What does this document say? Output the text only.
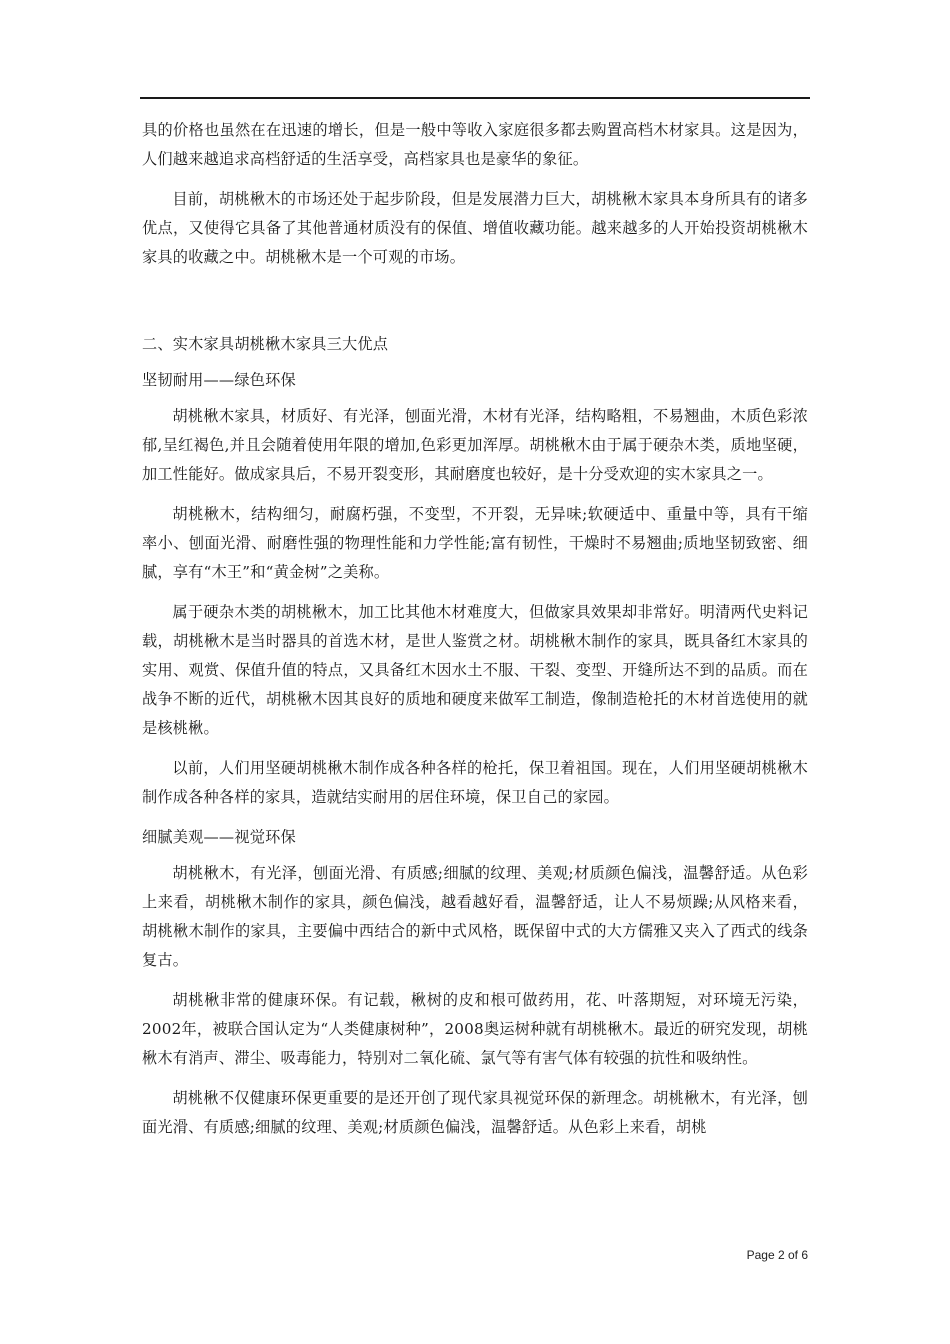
具的价格也虽然在在迅速的增长，但是一般中等收入家庭很多都去购置高档木材家具。这是因为，人们越来越追求高档舒适的生活享受，高档家具也是豪华的象征。

目前，胡桃楸木的市场还处于起步阶段，但是发展潜力巨大，胡桃楸木家具本身所具有的诸多优点，又使得它具备了其他普通材质没有的保值、增值收藏功能。越来越多的人开始投资胡桃楸木家具的收藏之中。胡桃楸木是一个可观的市场。

二、实木家具胡桃楸木家具三大优点

坚韧耐用——绿色环保

胡桃楸木家具，材质好、有光泽，刨面光滑，木材有光泽，结构略粗，不易翘曲，木质色彩浓郁,呈红褐色,并且会随着使用年限的增加,色彩更加浑厚。胡桃楸木由于属于硬杂木类，质地坚硬，加工性能好。做成家具后，不易开裂变形，其耐磨度也较好，是十分受欢迎的实木家具之一。

胡桃楸木，结构细匀，耐腐朽强，不变型，不开裂，无异味;软硬适中、重量中等，具有干缩率小、刨面光滑、耐磨性强的物理性能和力学性能;富有韧性，干燥时不易翘曲;质地坚韧致密、细腻，享有“木王”和“黄金树”之美称。

属于硬杂木类的胡桃楸木，加工比其他木材难度大，但做家具效果却非常好。明清两代史料记载，胡桃楸木是当时器具的首选木材，是世人鉴赏之材。胡桃楸木制作的家具，既具备红木家具的实用、观赏、保值升值的特点，又具备红木因水土不服、干裂、变型、开缝所达不到的品质。而在战争不断的近代，胡桃楸木因其良好的质地和硬度来做军工制造，像制造枪托的木材首选使用的就是核桃楸。

以前，人们用坚硬胡桃楸木制作成各种各样的枪托，保卫着祖国。现在，人们用坚硬胡桃楸木制作成各种各样的家具，造就结实耐用的居住环境，保卫自己的家园。

细腻美观——视觉环保

胡桃楸木，有光泽，刨面光滑、有质感;细腻的纹理、美观;材质颜色偏浅，温馨舒适。从色彩上来看，胡桃楸木制作的家具，颜色偏浅，越看越好看，温馨舒适，让人不易烦躁;从风格来看，胡桃楸木制作的家具，主要偏中西结合的新中式风格，既保留中式的大方儒雅又夹入了西式的线条复古。

胡桃楸非常的健康环保。有记载，楸树的皮和根可做药用，花、叶落期短，对环境无污染，2002年，被联合国认定为“人类健康树种”，2008奥运树种就有胡桃楸木。最近的研究发现，胡桃楸木有消声、滞尘、吸毒能力，特别对二氧化硫、氯气等有害气体有较强的抗性和吸纳性。

胡桃楸不仅健康环保更重要的是还开创了现代家具视觉环保的新理念。胡桃楸木，有光泽，刨面光滑、有质感;细腻的纹理、美观;材质颜色偏浅，温馨舒适。从色彩上来看，胡桃

Page 2 of 6
